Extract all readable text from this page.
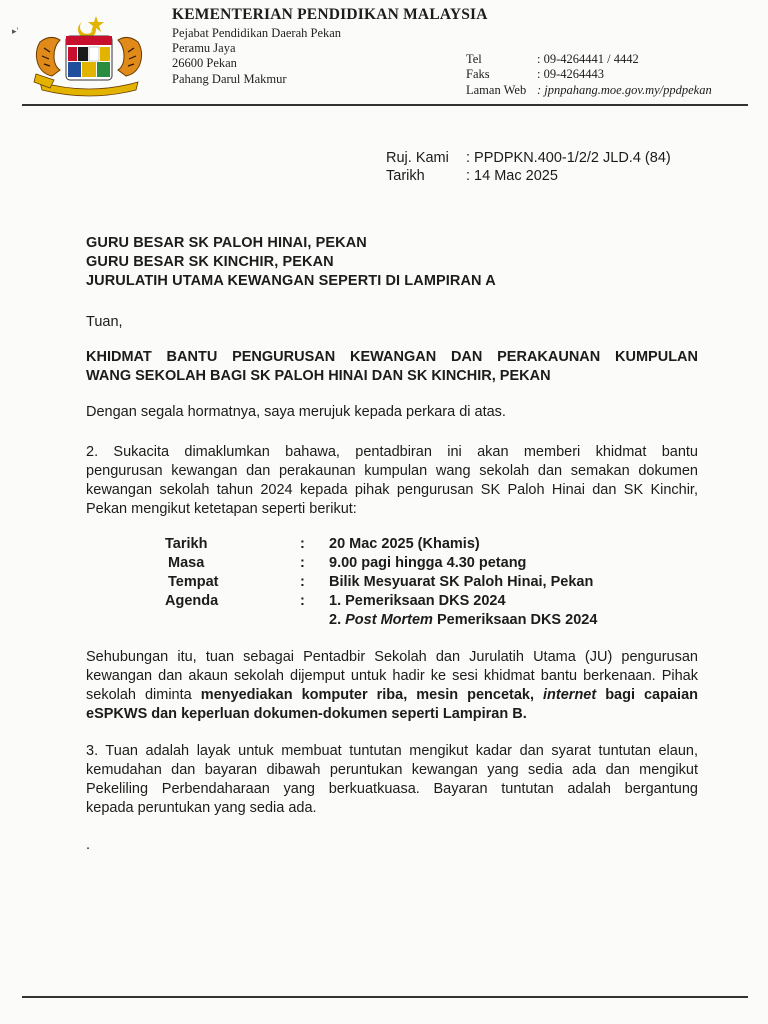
▸'
KEMENTERIAN PENDIDIKAN MALAYSIA
Pejabat Pendidikan Daerah Pekan
Peramu Jaya
26600 Pekan
Pahang Darul Makmur
Tel	: 09-4264441 / 4442
Faks	: 09-4264443
Laman Web : jpnpahang.moe.gov.my/ppdpekan
Ruj. Kami : PPDPKN.400-1/2/2 JLD.4 (84)
Tarikh	: 14 Mac 2025
GURU BESAR SK PALOH HINAI, PEKAN
GURU BESAR SK KINCHIR, PEKAN
JURULATIH UTAMA KEWANGAN SEPERTI DI LAMPIRAN A
Tuan,
KHIDMAT BANTU PENGURUSAN KEWANGAN DAN PERAKAUNAN KUMPULAN
WANG SEKOLAH BAGI SK PALOH HINAI DAN SK KINCHIR, PEKAN
Dengan segala hormatnya, saya merujuk kepada perkara di atas.
2. Sukacita dimaklumkan bahawa, pentadbiran ini akan memberi khidmat bantu
pengurusan kewangan dan perakaunan kumpulan wang sekolah dan semakan dokumen
kewangan sekolah tahun 2024 kepada pihak pengurusan SK Paloh Hinai dan SK Kinchir,
Pekan mengikut ketetapan seperti berikut:
Tarikh	: 20 Mac 2025 (Khamis)
Masa	: 9.00 pagi hingga 4.30 petang
Tempat	: Bilik Mesyuarat SK Paloh Hinai, Pekan
Agenda	: 1. Pemeriksaan DKS 2024
2. Post Mortem Pemeriksaan DKS 2024
Sehubungan itu, tuan sebagai Pentadbir Sekolah dan Jurulatih Utama (JU) pengurusan
kewangan dan akaun sekolah dijemput untuk hadir ke sesi khidmat bantu berkenaan. Pihak
sekolah diminta menyediakan komputer riba, mesin pencetak, internet bagi capaian
eSPKWS dan keperluan dokumen-dokumen seperti Lampiran B.
3. Tuan adalah layak untuk membuat tuntutan mengikut kadar dan syarat tuntutan elaun,
kemudahan dan bayaran dibawah peruntukan kewangan yang sedia ada dan mengikut
Pekeliling Perbendaharaan yang berkuatkuasa. Bayaran tuntutan adalah bergantung
kepada peruntukan yang sedia ada.
.
